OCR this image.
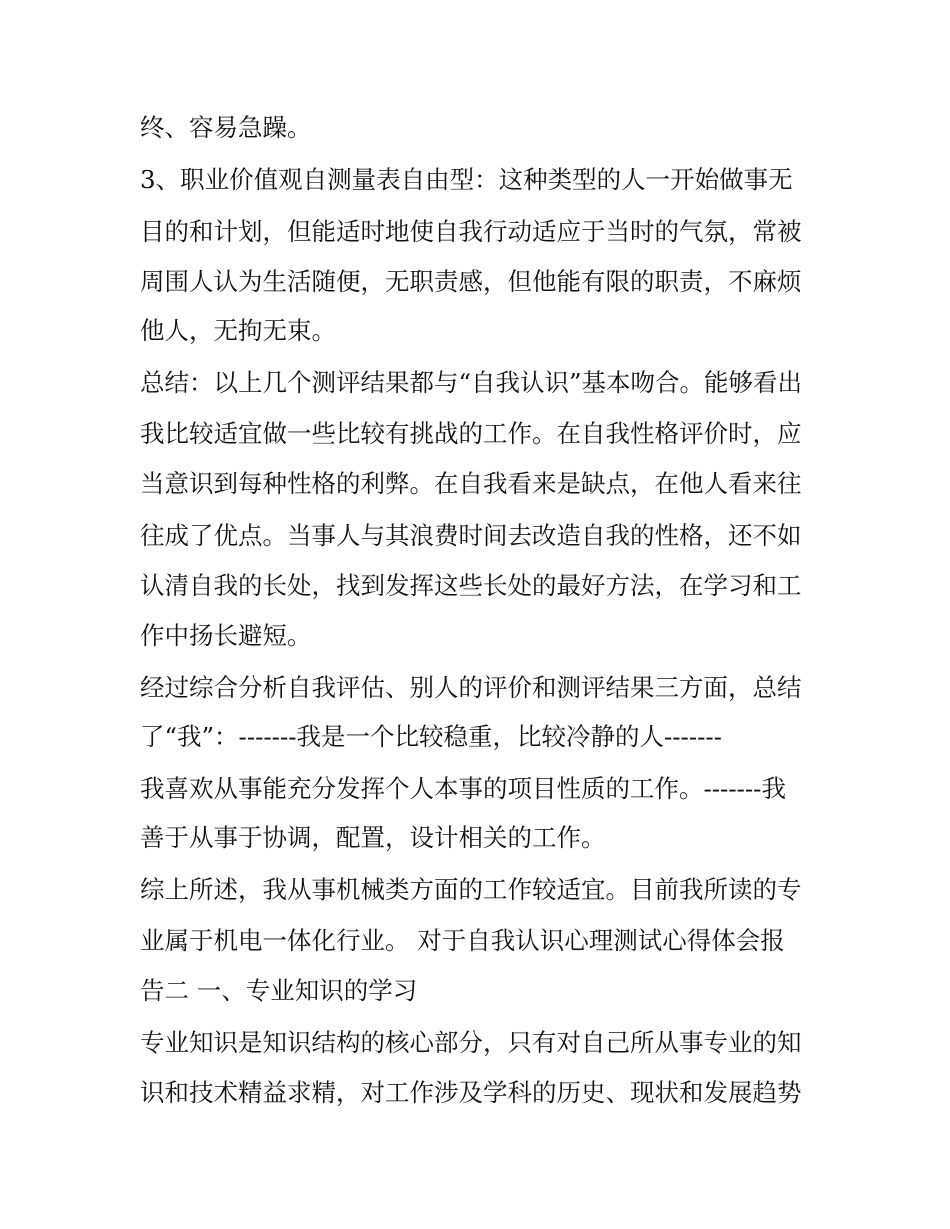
终、容易急躁。
3、职业价值观自测量表自由型：这种类型的人一开始做事无
目的和计划，但能适时地使自我行动适应于当时的气氛，常被
周围人认为生活随便，无职责感，但他能有限的职责，不麻烦
他人，无拘无束。
总结：以上几个测评结果都与“自我认识”基本吻合。能够看出
我比较适宜做一些比较有挑战的工作。在自我性格评价时，应
当意识到每种性格的利弊。在自我看来是缺点，在他人看来往
往成了优点。当事人与其浪费时间去改造自我的性格，还不如
认清自我的长处，找到发挥这些长处的最好方法，在学习和工
作中扬长避短。
经过综合分析自我评估、别人的评价和测评结果三方面，总结
了“我”：-------我是一个比较稳重，比较冷静的人-------
我喜欢从事能充分发挥个人本事的项目性质的工作。-------我
善于从事于协调，配置，设计相关的工作。
综上所述，我从事机械类方面的工作较适宜。目前我所读的专
业属于机电一体化行业。 对于自我认识心理测试心得体会报
告二 一、专业知识的学习
专业知识是知识结构的核心部分，只有对自己所从事专业的知
识和技术精益求精，对工作涉及学科的历史、现状和发展趋势
